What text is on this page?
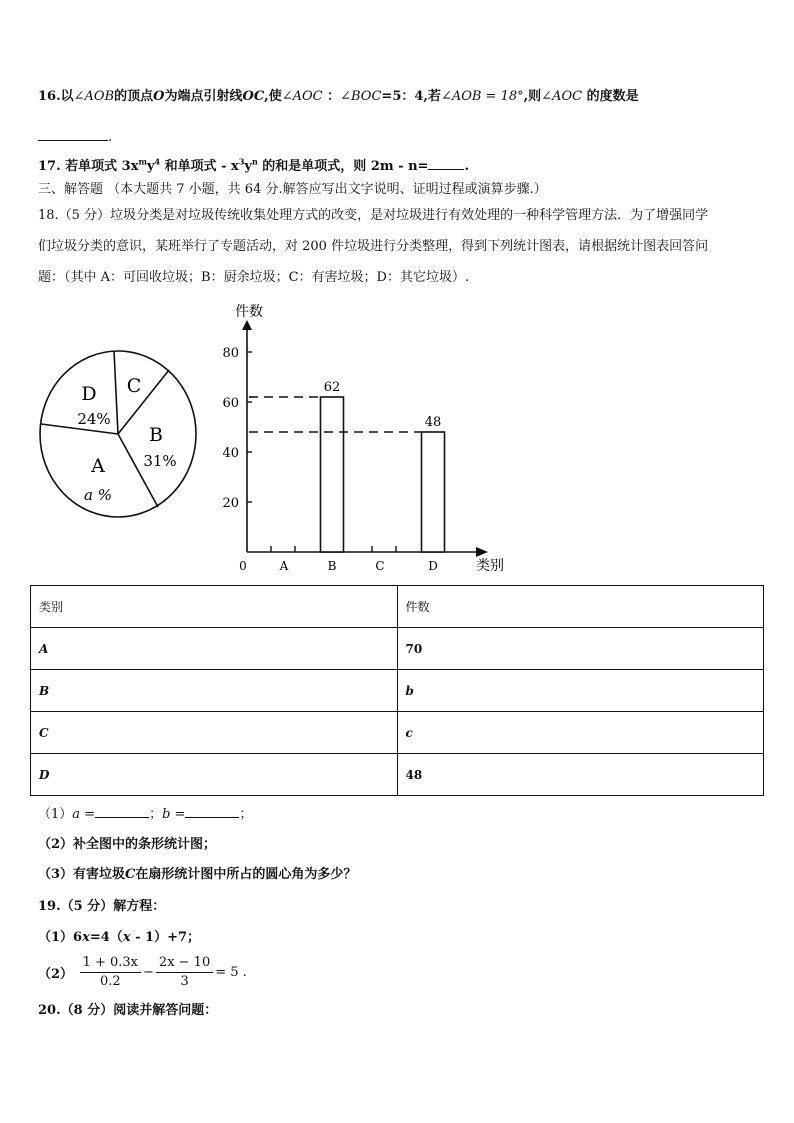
16.以∠AOB的顶点O为端点引射线OC,使∠AOC ：∠BOC=5：4,若∠AOB = 18°,则∠AOC 的度数是
.
17. 若单项式 $3x^my^4$ 和单项式 - $x^3y^n$ 的和是单项式，则 2m - n=	.
三、解答题 （本大题共 7 小题，共 64 分.解答应写出文字说明、证明过程或演算步骤.）
18.（5 分）垃圾分类是对垃圾传统收集处理方式的改变，是对垃圾进行有效处理的一种科学管理方法．为了增强同学
们垃圾分类的意识，某班举行了专题活动，对 200 件垃圾进行分类整理，得到下列统计图表，请根据统计图表回答问
题：（其中 A：可回收垃圾；B：厨余垃圾；C：有害垃圾；D：其它垃圾）.
D
24%
C
B
31%
A
a %
件数
类别
0
20
40
60
80
A	B	C	D
62
48
类别	件数
A	70
B	b
C	c
D	48
（1）a =	；b =	；
（2）补全图中的条形统计图；
（3）有害垃圾C在扇形统计图中所占的圆心角为多少？
19.（5 分）解方程：
（1）6x=4（x - 1）+7；
$(2) \frac{1 + 0.3x}{0.2} - \frac{2x - 10}{3} = 5$ .
20.（8 分）阅读并解答问题：
